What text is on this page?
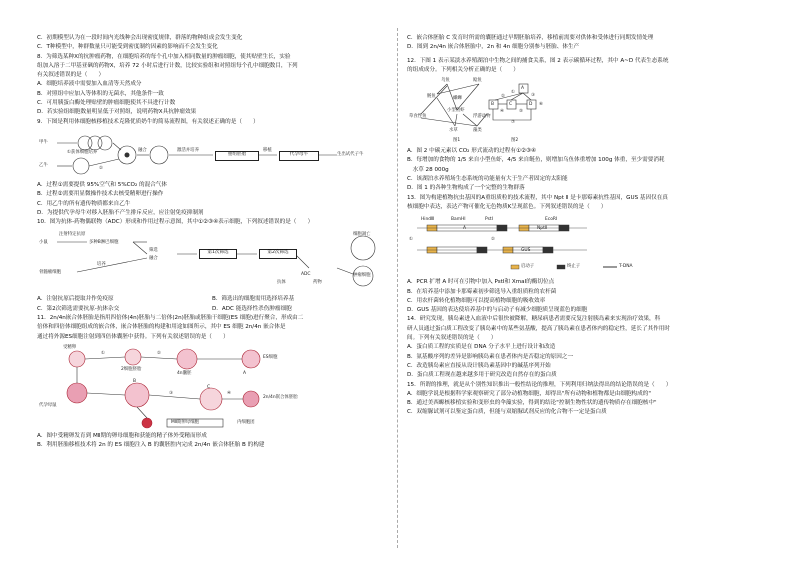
C．初期模型认为在一段时间内光线种会出现密度规律，群落的物种组成会发生变化
C．T种模型中，种群数量只可能受到密度制约因素的影响而不会发生变化
8．为筛选某种X的抗肿瘤药物，在细胞培养的每个孔中加入相同数量的肿瘤细胞，使其贴壁生长，实验
组加入溶于二甲基亚砜的药物X，培养 72 小时后进行计数，比较实验组和对照组每个孔中细胞数目，下列
有关叙述错误的是（　　）
A．细胞培养液中需要加入血清等天然成分
B．对照组中应加入等体积的无菌水，其他条件一致
C．可用胰蛋白酶处理贴壁的肿瘤细胞使其不具进行计数
D．若实验组细胞数量明显低于对照组，说明药物X具抗肿瘤效果
9．下图是利用体细胞核移植技术克隆优质奶牛的简易流程图，有关叙述正确的是（　　）
甲牛
乙牛
①获体细胞培养
②
融合	激活并培养
重组胚胎
移植
代孕母牛	生出试代子牛
A．过程①需要提供 95%空气和 5%CO₂ 的混合气体
B．过程②需要用显微操作技术去核受精卵进行操作
C．用乙牛的所有遗传物质都来自乙牛
D．为提供代孕母牛对移入胚胎不产生排斥反应，应注射免疫抑制剂
10．图为抗体-药物偶联物（ADC）形成和作用过程示意图，其中①②③④表示细胞，下列叙述错误的是（　　）
注射特定抗原
小鼠	多种B淋巴细胞
骨髓瘤细胞
培养
筛选
融合
第1次筛选	第2次筛选
ADC
抗体	药物
细胞凋亡
肿瘤细胞
A．注射抗原后提取并作免疫原	B．筛选出的细胞需用选择培养基
C．第2次筛选需要抗原-抗体杂交	D．ADC 能选择性杀伤肿瘤细胞
11．2n/4n嵌合体胚胎是指用四倍体(4n)胚胎与二倍体(2n)胚胎或胚胎干细胞(ES 细胞)进行聚合，形成由二
倍体和四倍体细胞组成的嵌合体，嵌合体胚胎的构建和用途如图所示，其中 ES 细胞 2n/4n 嵌合体是
通过将外源ES细胞注射到四倍体囊胚中获得。下列有关叙述错误的是（　　）
受精卵
2细胞胚胎
4n囊胚	A
ES细胞
代孕母鼠
B
C
2n/4n嵌合体胚胎
①	②
③	④
MⅡ期卵母细胞	内细胞团
A．图中受精卵发育到 MⅡ期的卵母细胞和获能的精子体外受精而形成
B．利用胚胎移植技术将 2n 的 ES 细胞注入 B 的囊胚腔内完成 2n/4n 嵌合体胚胎 B 的构建
C．嵌合体胚胎 C 发育时所需的囊胚通过早期胚胎培养，移植前需要对供体和受体进行同期发情处理
D．图到 2n/4n 嵌合体胚胎中，2n 和 4n 细胞分别参与胚胎、体生产
12．下图 1 表示某淡水养殖湖泊中生物之间的捕食关系，图 2 表示碳循环过程，其中 A~D 代表生态系统
的组成成分。下列相关分析正确的是（　　）
乌鱼	鲶鱼
鲢鱼	螺蛳
小型鱼虾
草食性鱼	浮游动物
水草	藻类
图1
A
B	C	D
①
②	③
④	⑤
⑥
⑦
图2
A．图 2 中碳元素以 CO₂ 形式流动的过程有①②③④
B．每增加的食物的 1/5 来自小型鱼虾，4/5 来自鲢鱼，则增加乌鱼体重增加 100g 体重，至少需要消耗
　水草 28 000g
C．该湖泊水养殖场生态系统的功能量有大于生产者固定的太阳能
D．图 1 的各种生物构成了一个完整的生物群落
13．图为构建植物抗虫基因的A重组质粒的技术流程，其中 Npt Ⅱ 是卡那霉素抗性基因，GUS 基因仅在真
核细胞中表达，表达产物可催化无色物质K呈现蓝色。下列叙述错误的是（　　）
HindⅢ	BamHⅠ	PstⅠ	EcoRⅠ
A	NptⅡ
GUS
①	②
启动子	终止子	T-DNA
A．PCR 扩增 A 时可在引物中加入 PstⅠ和 XmaⅠ的酶切位点
B．在培养基中添加卡那霉素初步筛选导入重组质粒的农杆菌
C．用农杆菌转化植物细胞可以提高植物细胞的吸收效率
D．GUS 基因的表达使培养基中的与启动子有减少细胞质呈现蓝色的细胞
14．研究发现，胰岛素进入血液中后很快被降解，糖尿病患者需要反复注射胰岛素来实现治疗效果，科
研人员通过蛋白质工程改变了胰岛素中的某些氨基酸，提高了胰岛素在患者体内的稳定性，延长了其作用时
间。下列有关叙述错误的是（　　）
A．蛋白质工程的实质是在 DNA 分子水平上进行设计和改造
B．氨基酸序列的差异是影响胰岛素在患者体内是否稳定的原因之一
C．改造胰岛素应直接从设计胰岛素基因中的碱基序列开始
D．蛋白质工程现在越来越多用于研究改造自然存在的蛋白质
15．所谓的推理，就是从个别性知识推出一般性结论的推理，下列利用归纳法得出的结论错误的是（　　）
A．细胞学说是根据科学家观察研究了部分动植物细胞，却得出"所有动物和植物都是由细胞构成的"
B．通过美西螈核移植实验和变形虫的伞藻实验，得到的结论"控制生物性状的遗传物质存在细胞核中"
C．双缩脲试剂可以鉴定蛋白质，但能与双缩脲试剂反应的化合物不一定是蛋白质
